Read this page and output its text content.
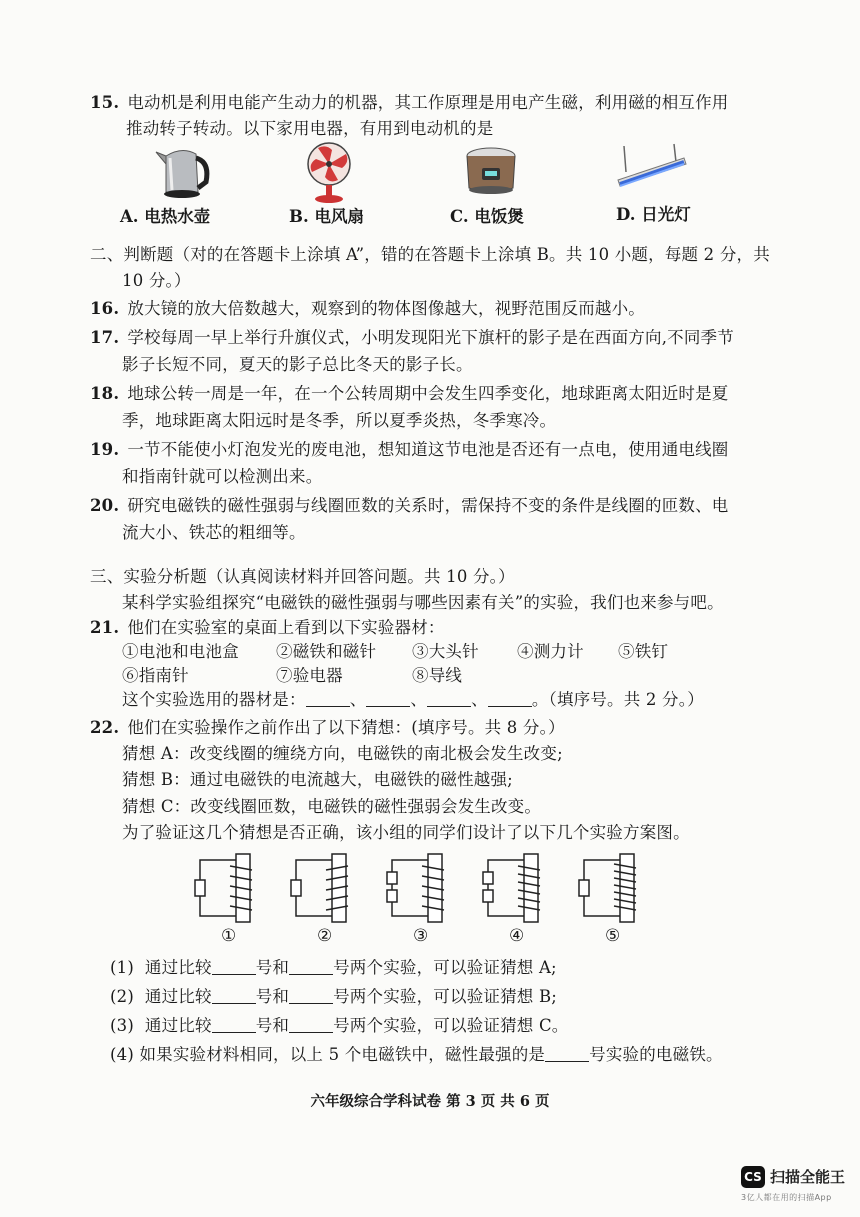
15. 电动机是利用电能产生动力的机器，其工作原理是用电产生磁，利用磁的相互作用
推动转子转动。以下家用电器，有用到电动机的是
A. 电热水壶	B. 电风扇	C. 电饭煲	D. 日光灯
二、判断题（对的在答题卡上涂填 A”，错的在答题卡上涂填 B。共 10 小题，每题 2 分，共
10 分。）
16. 放大镜的放大倍数越大，观察到的物体图像越大，视野范围反而越小。
17. 学校每周一早上举行升旗仪式，小明发现阳光下旗杆的影子是在西面方向,不同季节
影子长短不同，夏天的影子总比冬天的影子长。
18. 地球公转一周是一年，在一个公转周期中会发生四季变化，地球距离太阳近时是夏
季，地球距离太阳远时是冬季，所以夏季炎热，冬季寒冷。
19. 一节不能使小灯泡发光的废电池，想知道这节电池是否还有一点电，使用通电线圈
和指南针就可以检测出来。
20. 研究电磁铁的磁性强弱与线圈匝数的关系时，需保持不变的条件是线圈的匝数、电
流大小、铁芯的粗细等。
三、实验分析题（认真阅读材料并回答问题。共 10 分。）
某科学实验组探究“电磁铁的磁性强弱与哪些因素有关”的实验，我们也来参与吧。
21. 他们在实验室的桌面上看到以下实验器材：
①电池和电池盒 ②磁铁和磁针 ③大头针 ④测力计 ⑤铁钉
⑥指南针	⑦验电器	⑧导线
这个实验选用的器材是：	、	、	、	。（填序号。共 2 分。）
22. 他们在实验操作之前作出了以下猜想：(填序号。共 8 分。）
猜想 A：改变线圈的缠绕方向，电磁铁的南北极会发生改变;
猜想 B：通过电磁铁的电流越大，电磁铁的磁性越强;
猜想 C：改变线圈匝数，电磁铁的磁性强弱会发生改变。
为了验证这几个猜想是否正确，该小组的同学们设计了以下几个实验方案图。
①	②	③	④	⑤
(1) 通过比较	号和	号两个实验，可以验证猜想 A;
(2) 通过比较	号和	号两个实验，可以验证猜想 B;
(3) 通过比较	号和	号两个实验，可以验证猜想 C。
(4) 如果实验材料相同，以上 5 个电磁铁中，磁性最强的是	号实验的电磁铁。
六年级综合学科试卷 第 3 页 共 6 页
CS 扫描全能王
3亿人都在用的扫描App
